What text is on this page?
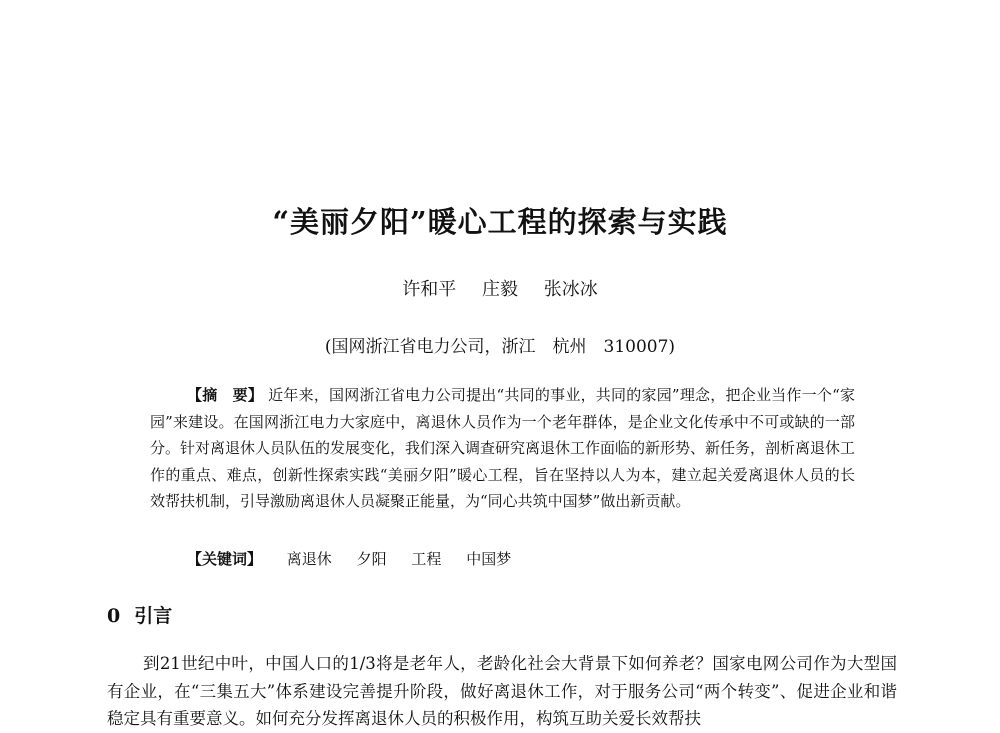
“美丽夕阳”暖心工程的探索与实践
许和平 庄毅 张冰冰
(国网浙江省电力公司，浙江　杭州　310007)
【摘　要】 近年来，国网浙江省电力公司提出“共同的事业，共同的家园”理念，把企业当作一个“家园”来建设。在国网浙江电力大家庭中，离退休人员作为一个老年群体，是企业文化传承中不可或缺的一部分。针对离退休人员队伍的发展变化，我们深入调查研究离退休工作面临的新形势、新任务，剖析离退休工作的重点、难点，创新性探索实践“美丽夕阳”暖心工程，旨在坚持以人为本，建立起关爱离退休人员的长效帮扶机制，引导激励离退休人员凝聚正能量，为“同心共筑中国梦”做出新贡献。
【关键词】 离退休 夕阳 工程 中国梦
0 引言
到21世纪中叶，中国人口的1/3将是老年人，老龄化社会大背景下如何养老？国家电网公司作为大型国有企业，在“三集五大”体系建设完善提升阶段，做好离退休工作，对于服务公司“两个转变”、促进企业和谐稳定具有重要意义。如何充分发挥离退休人员的积极作用，构筑互助关爱长效帮扶
